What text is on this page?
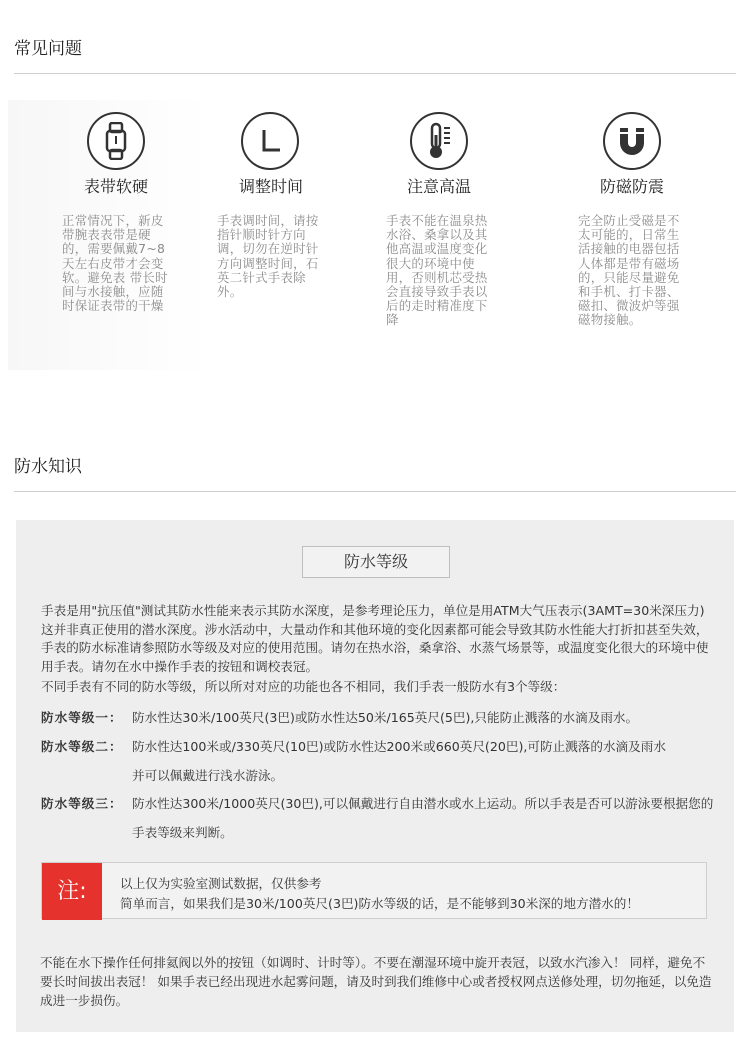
常见问题
表带软硬
正常情况下，新皮带腕表表带是硬的，需要佩戴7~8天左右皮带才会变软。避免表 带长时间与水接触，应随时保证表带的干燥
调整时间
手表调时间，请按指针顺时针方向调，切勿在逆时针方向调整时间，石英二针式手表除外。
注意高温
手表不能在温泉热水浴、桑拿以及其他高温或温度变化很大的环境中使用，否则机芯受热会直接导致手表以后的走时精准度下降
防磁防震
完全防止受磁是不太可能的，日常生活接触的电器包括人体都是带有磁场的，只能尽量避免和手机、打卡器、磁扣、微波炉等强磁物接触。
防水知识
防水等级
手表是用"抗压值"测试其防水性能来表示其防水深度，是参考理论压力，单位是用ATM大气压表示(3AMT=30米深压力)这并非真正使用的潜水深度。涉水活动中，大量动作和其他环境的变化因素都可能会导致其防水性能大打折扣甚至失效，手表的防水标准请参照防水等级及对应的使用范围。请勿在热水浴，桑拿浴、水蒸气场景等，或温度变化很大的环境中使用手表。请勿在水中操作手表的按钮和调校表冠。
不同手表有不同的防水等级，所以所对对应的功能也各不相同，我们手表一般防水有3个等级：
防水等级一： 防水性达30米/100英尺(3巴)或防水性达50米/165英尺(5巴),只能防止溅落的水滴及雨水。
防水等级二： 防水性达100米或/330英尺(10巴)或防水性达200米或660英尺(20巴),可防止溅落的水滴及雨水
并可以佩戴进行浅水游泳。
防水等级三： 防水性达300米/1000英尺(30巴),可以佩戴进行自由潜水或水上运动。所以手表是否可以游泳要根据您的
手表等级来判断。
注:	以上仅为实验室测试数据，仅供参考
简单而言，如果我们是30米/100英尺(3巴)防水等级的话，是不能够到30米深的地方潜水的！
不能在水下操作任何排氦阀以外的按钮（如调时、计时等）。不要在潮湿环境中旋开表冠，以致水汽渗入！ 同样，避免不要长时间拔出表冠！ 如果手表已经出现进水起雾问题，请及时到我们维修中心或者授权网点送修处理，切勿拖延，以免造成进一步损伤。
